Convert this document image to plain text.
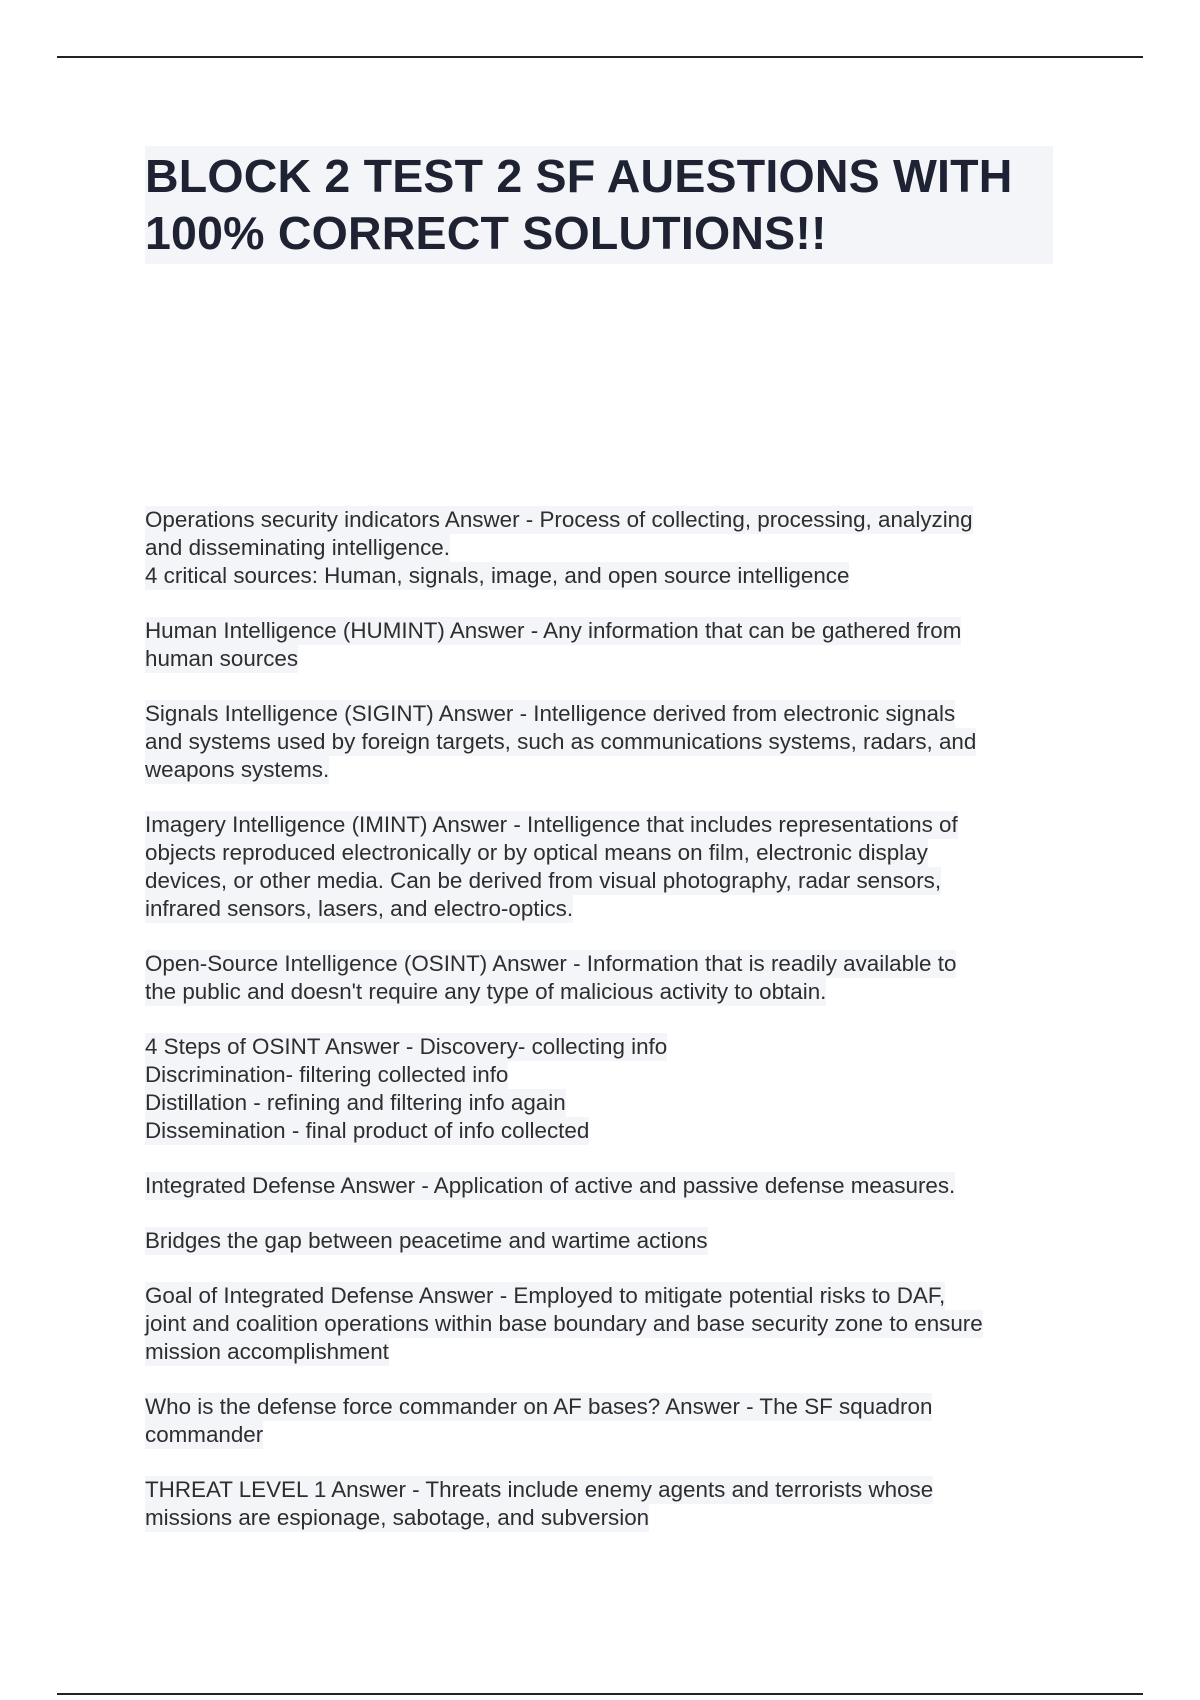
BLOCK 2 TEST 2 SF AUESTIONS WITH
100% CORRECT SOLUTIONS!!
Operations security indicators Answer - Process of collecting, processing, analyzing
and disseminating intelligence.
4 critical sources: Human, signals, image, and open source intelligence
Human Intelligence (HUMINT) Answer - Any information that can be gathered from
human sources
Signals Intelligence (SIGINT) Answer - Intelligence derived from electronic signals
and systems used by foreign targets, such as communications systems, radars, and
weapons systems.
Imagery Intelligence (IMINT) Answer - Intelligence that includes representations of
objects reproduced electronically or by optical means on film, electronic display
devices, or other media. Can be derived from visual photography, radar sensors,
infrared sensors, lasers, and electro-optics.
Open-Source Intelligence (OSINT) Answer - Information that is readily available to
the public and doesn't require any type of malicious activity to obtain.
4 Steps of OSINT Answer - Discovery- collecting info
Discrimination- filtering collected info
Distillation - refining and filtering info again
Dissemination - final product of info collected
Integrated Defense Answer - Application of active and passive defense measures.
Bridges the gap between peacetime and wartime actions
Goal of Integrated Defense Answer - Employed to mitigate potential risks to DAF,
joint and coalition operations within base boundary and base security zone to ensure
mission accomplishment
Who is the defense force commander on AF bases? Answer - The SF squadron
commander
THREAT LEVEL 1 Answer - Threats include enemy agents and terrorists whose
missions are espionage, sabotage, and subversion
